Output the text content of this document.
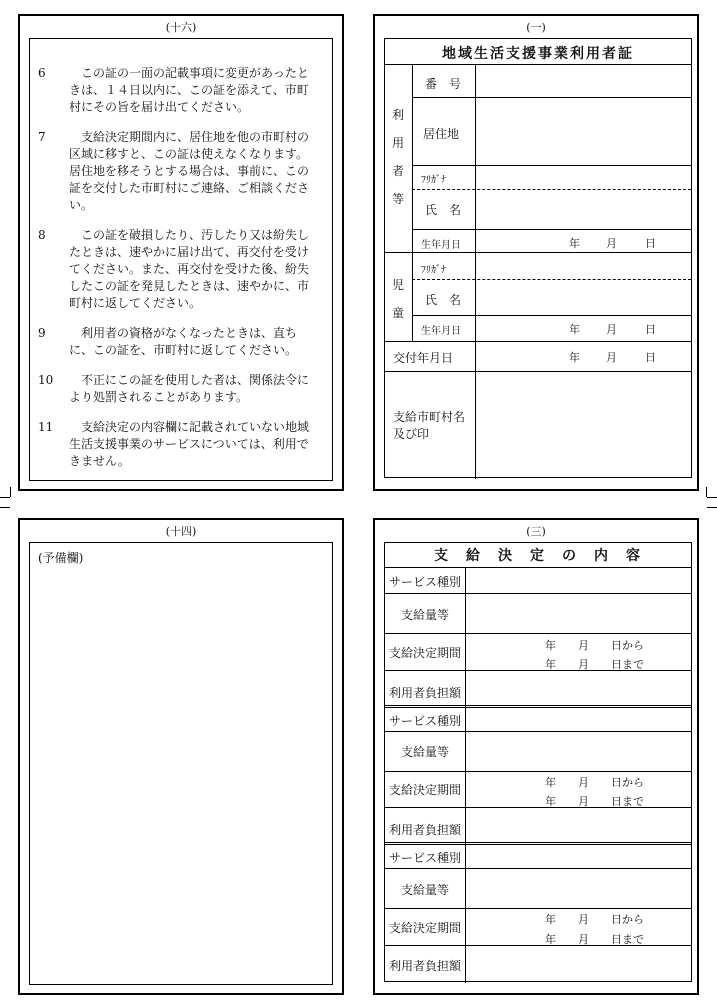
(十六)
6	この証の一面の記載事項に変更があったときは、１４日以内に、この証を添えて、市町村にその旨を届け出てください。
7	支給決定期間内に、居住地を他の市町村の区域に移すと、この証は使えなくなります。居住地を移そうとする場合は、事前に、この証を交付した市町村にご連絡、ご相談ください。
8	この証を破損したり、汚したり又は紛失したときは、速やかに届け出て、再交付を受けてください。また、再交付を受けた後、紛失したこの証を発見したときは、速やかに、市町村に返してください。
9	利用者の資格がなくなったときは、直ちに、この証を、市町村に返してください。
10	不正にこの証を使用した者は、関係法令により処罰されることがあります。
11	支給決定の内容欄に記載されていない地域生活支援事業のサービスについては、利用できません。
(一)
地域生活支援事業利用者証
利用者等
番　号
居住地
ﾌﾘｶﾞﾅ
氏　名
生年月日	年 月	日
児童
ﾌﾘｶﾞﾅ
氏　名
生年月日	年 月	日
交付年月日	年 月	日
支給市町村名
及び印
(十四)
(予備欄)
(三)
支　給　決　定　の　内　容
サービス種別
支給量等
支給決定期間
年　　月　　日から
年　　月　　日まで
利用者負担額
サービス種別
支給量等
支給決定期間
年　　月　　日から
年　　月　　日まで
利用者負担額
サービス種別
支給量等
支給決定期間
年　　月　　日から
年　　月　　日まで
利用者負担額
